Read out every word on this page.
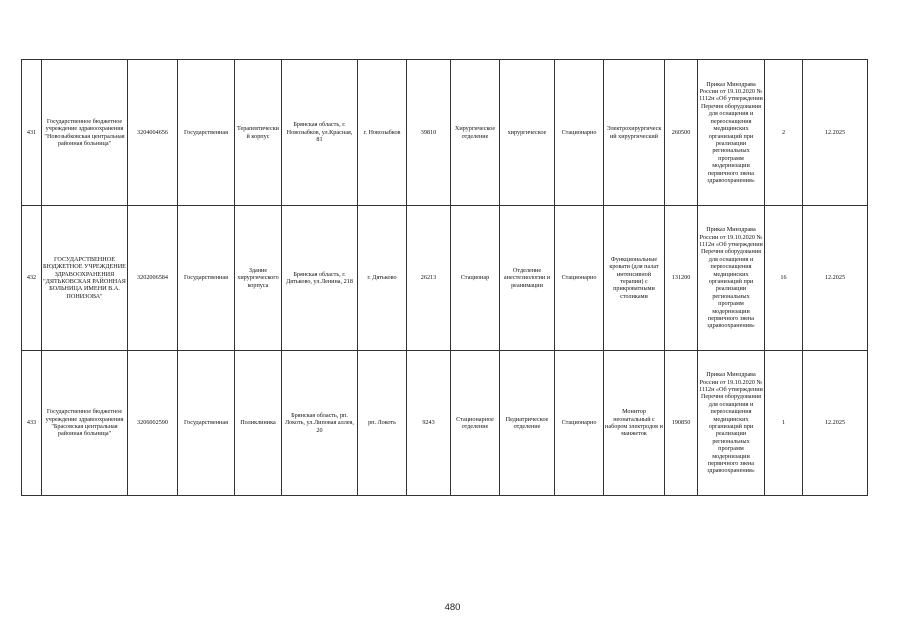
431	Государственное бюджетное учреждение здравоохранения "Новозыбковская центральная районная больница"	3204004656	Государственная	Терапевтический корпус	Брянская область, г. Новозыбков, ул.Красная, 81	г. Новозыбков	39810	Хирургическое отделение	хирургическое	Стационарно	Электрохирургический хирургический	260500	Приказ Минздрава России от 19.10.2020 № 1112н «Об утверждении Перечня оборудования для оснащения и переоснащения медицинских организаций при реализации региональных программ модернизации первичного звена здравоохранения»	2	12.2025
432	ГОСУДАРСТВЕННОЕ БЮДЖЕТНОЕ УЧРЕЖДЕНИЕ ЗДРАВООХРАНЕНИЯ "ДЯТЬКОВСКАЯ РАЙОННАЯ БОЛЬНИЦА ИМЕНИ В.А. ПОНИЗОВА"	3202006584	Государственная	Здание хирургического корпуса	Брянская область, г. Дятьково, ул.Ленина, 218	г. Дятьково	26213	Стационар	Отделение анестезиологии и реанимации	Стационарно	Функциональные кровати (для палат интенсивной терапии) с прикроватными столиками	131200	Приказ Минздрава России от 19.10.2020 № 1112н «Об утверждении Перечня оборудования для оснащения и переоснащения медицинских организаций при реализации региональных программ модернизации первичного звена здравоохранения»	16	12.2025
433	Государственное бюджетное учреждение здравоохранения "Брасовская центральная районная больница"	3206002590	Государственная	Поликлиника	Брянская область, рп. Локоть, ул.Липовая аллея, 20	рп. Локоть	9243	Стационарное отделение	Педиатрическое отделение	Стационарно	Монитор неонатальный с набором электродов и манжеток	190850	Приказ Минздрава России от 19.10.2020 № 1112н «Об утверждении Перечня оборудования для оснащения и переоснащения медицинских организаций при реализации региональных программ модернизации первичного звена здравоохранения»	1	12.2025
480
